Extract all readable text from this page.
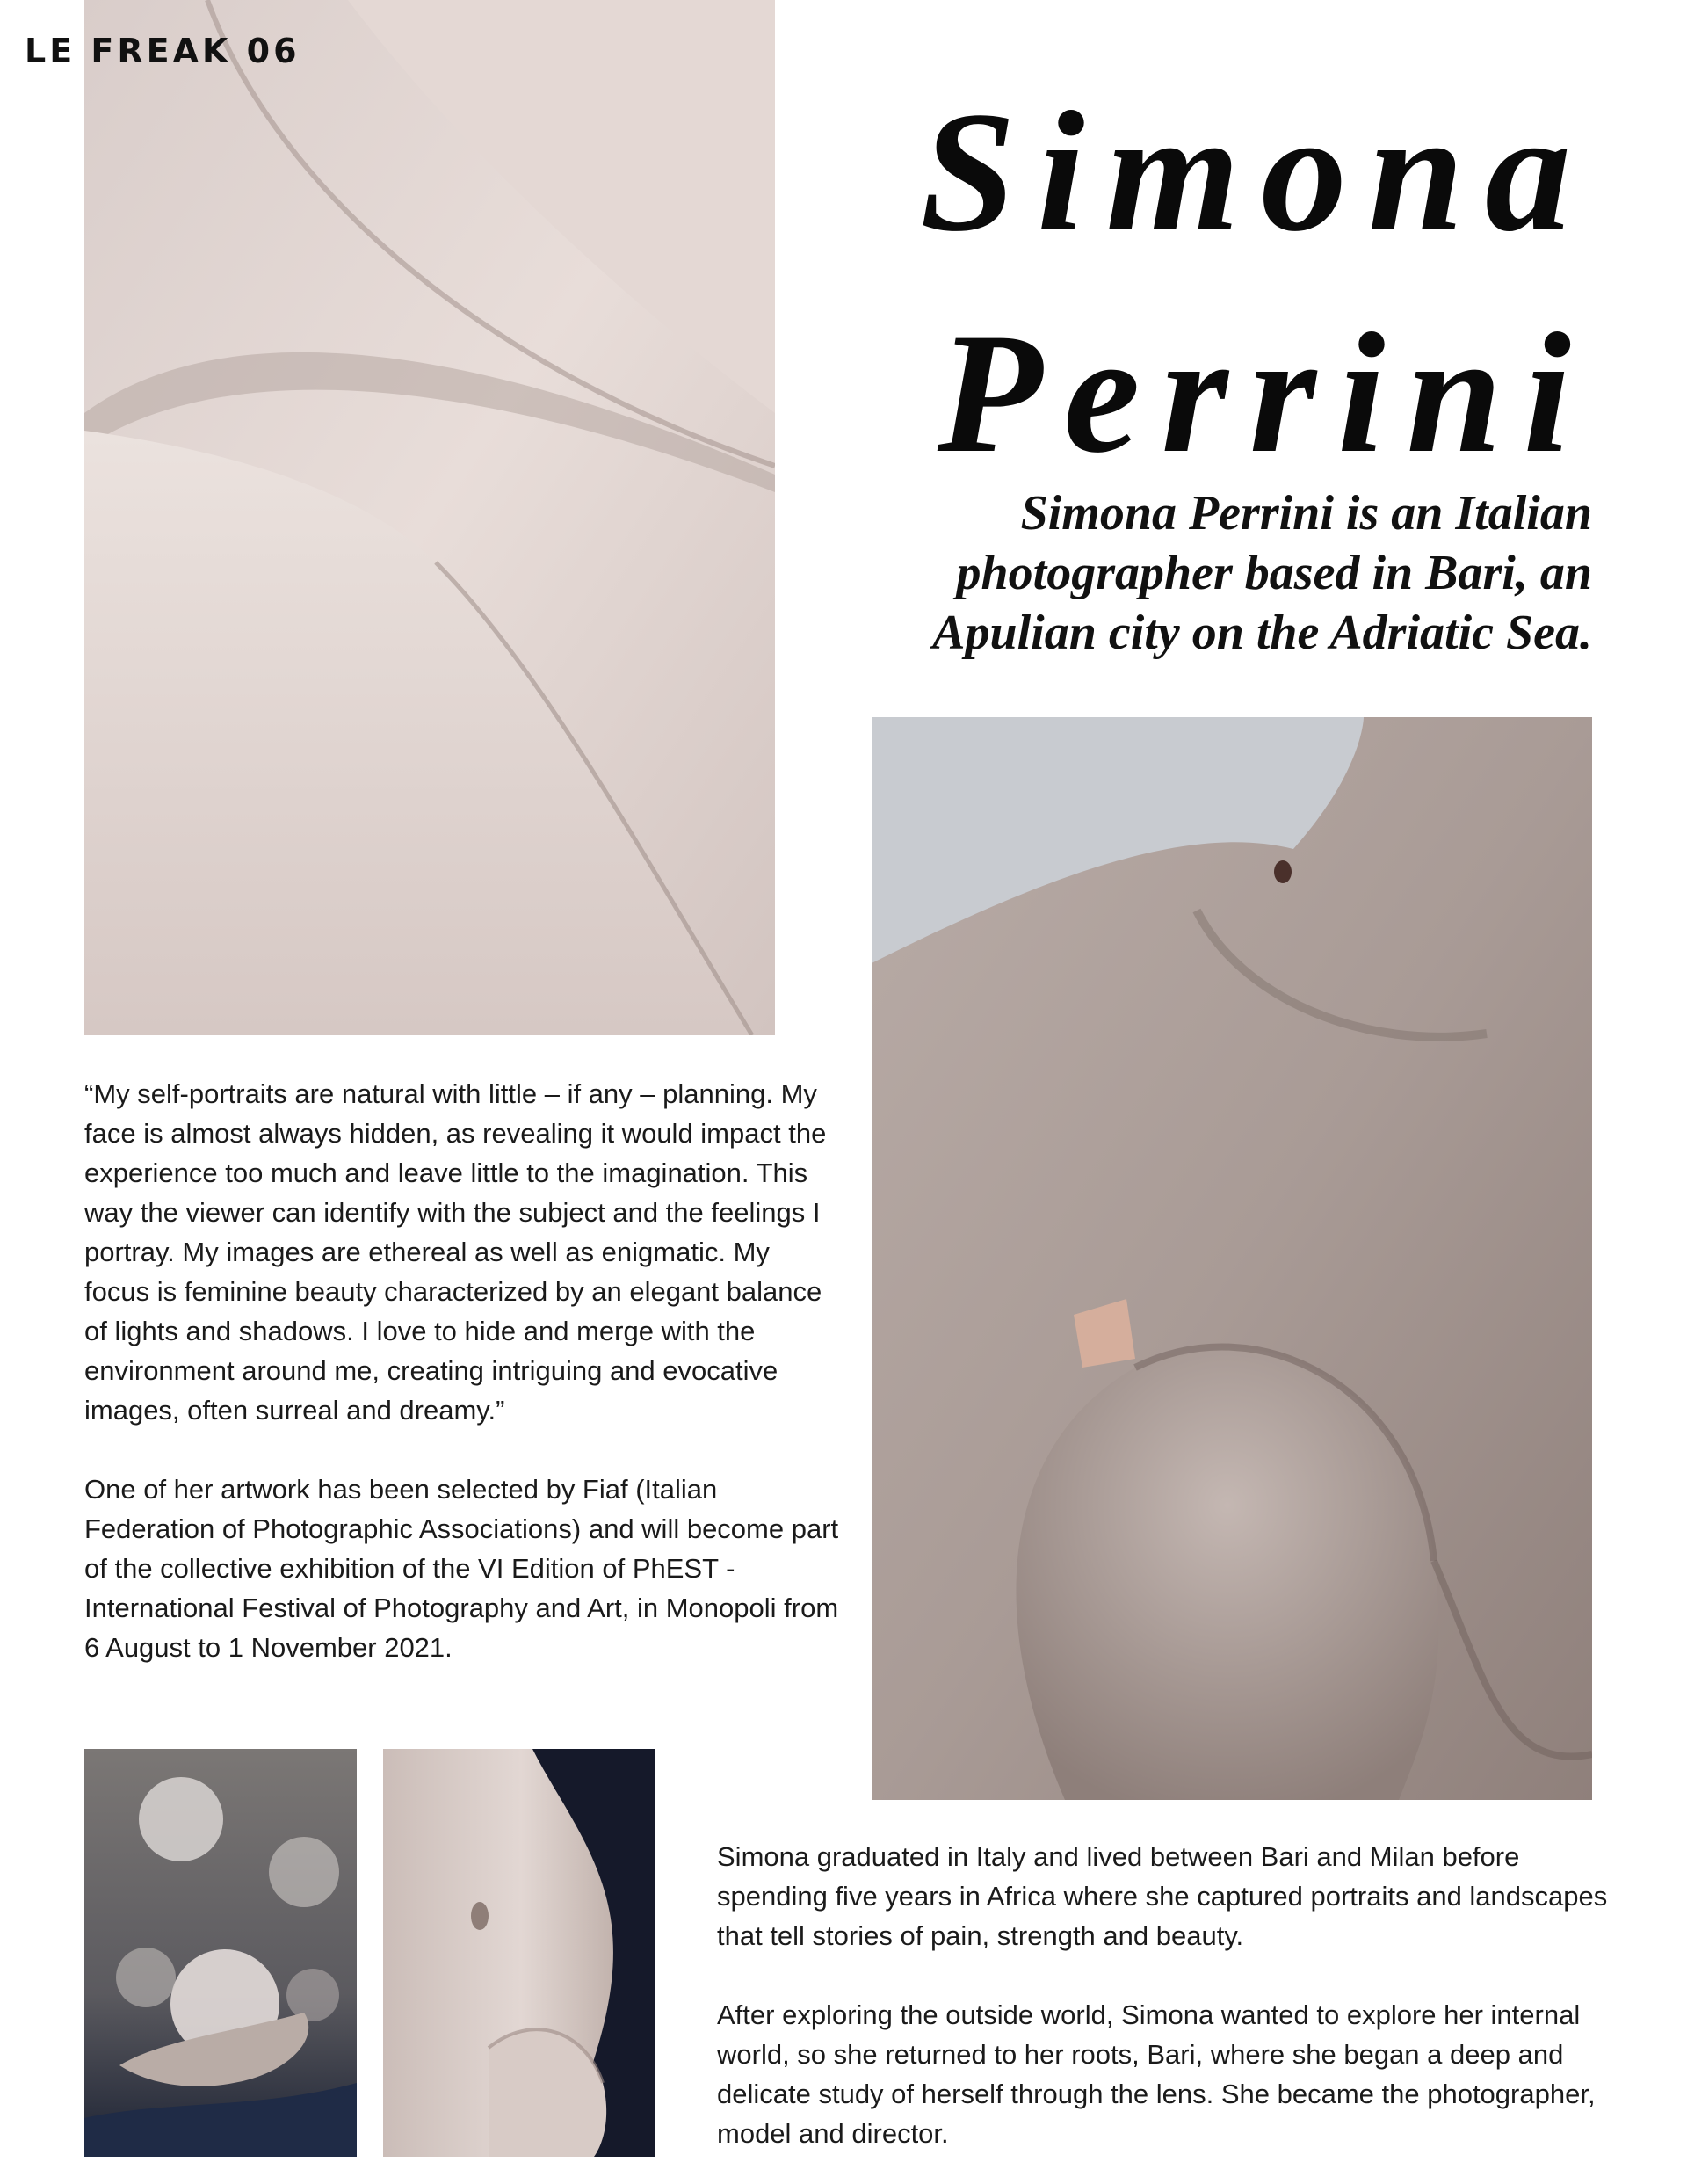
LE FREAK 06
Simona
Perrini

Simona Perrini is an Italian photographer based in Bari, an Apulian city on the Adriatic Sea.

“My self-portraits are natural with little – if any – planning. My face is almost always hidden, as revealing it would impact the experience too much and leave little to the imagination. This way the viewer can identify with the subject and the feelings I portray. My images are ethereal as well as enigmatic. My focus is feminine beauty characterized by an elegant balance of lights and shadows. I love to hide and merge with the environment around me, creating intriguing and evocative images, often surreal and dreamy.”

One of her artwork has been selected by Fiaf (Italian Federation of Photographic Associations) and will become part of the collective exhibition of the VI Edition of PhEST - International Festival of Photography and Art, in Monopoli from 6 August to 1 November 2021.

Simona graduated in Italy and lived between Bari and Milan before spending five years in Africa where she captured portraits and landscapes that tell stories of pain, strength and beauty.

After exploring the outside world, Simona wanted to explore her internal world, so she returned to her roots, Bari, where she began a deep and delicate study of herself through the lens. She became the photographer, model and director.
